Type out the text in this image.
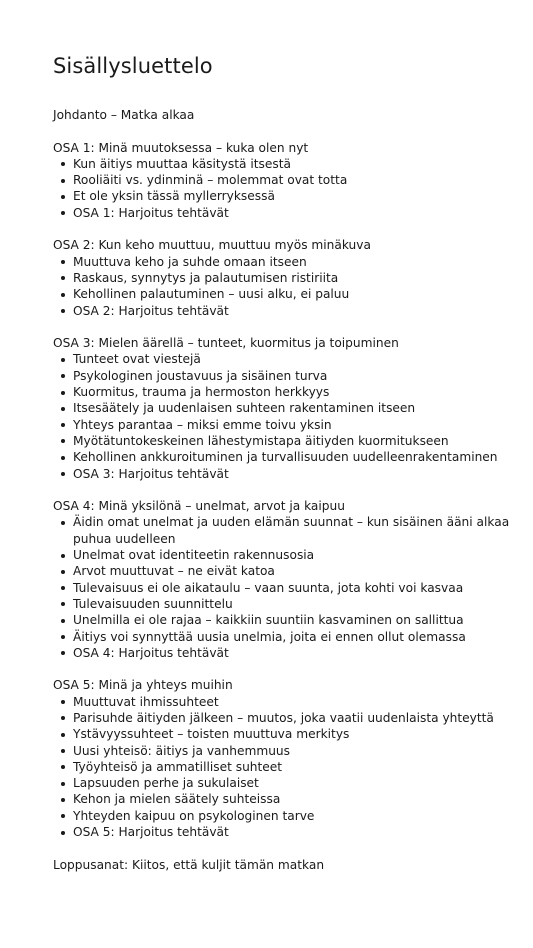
Sisällysluettelo
Johdanto – Matka alkaa
OSA 1: Minä muutoksessa – kuka olen nyt
Kun äitiys muuttaa käsitystä itsestä
Rooliäiti vs. ydinminä – molemmat ovat totta
Et ole yksin tässä myllerryksessä
OSA 1: Harjoitus tehtävät
OSA 2: Kun keho muuttuu, muuttuu myös minäkuva
Muuttuva keho ja suhde omaan itseen
Raskaus, synnytys ja palautumisen ristiriita
Kehollinen palautuminen – uusi alku, ei paluu
OSA 2: Harjoitus tehtävät
OSA 3: Mielen äärellä – tunteet, kuormitus ja toipuminen
Tunteet ovat viestejä
Psykologinen joustavuus ja sisäinen turva
Kuormitus, trauma ja hermoston herkkyys
Itsesäätely ja uudenlaisen suhteen rakentaminen itseen
Yhteys parantaa – miksi emme toivu yksin
Myötätuntokeskeinen lähestymistapa äitiyden kuormitukseen
Kehollinen ankkuroituminen ja turvallisuuden uudelleenrakentaminen
OSA 3: Harjoitus tehtävät
OSA 4: Minä yksilönä – unelmat, arvot ja kaipuu
Äidin omat unelmat ja uuden elämän suunnat – kun sisäinen ääni alkaa puhua uudelleen
Unelmat ovat identiteetin rakennusosia
Arvot muuttuvat – ne eivät katoa
Tulevaisuus ei ole aikataulu – vaan suunta, jota kohti voi kasvaa
Tulevaisuuden suunnittelu
Unelmilla ei ole rajaa – kaikkiin suuntiin kasvaminen on sallittua
Äitiys voi synnyttää uusia unelmia, joita ei ennen ollut olemassa
OSA 4: Harjoitus tehtävät
OSA 5: Minä ja yhteys muihin
Muuttuvat ihmissuhteet
Parisuhde äitiyden jälkeen – muutos, joka vaatii uudenlaista yhteyttä
Ystävyyssuhteet – toisten muuttuva merkitys
Uusi yhteisö: äitiys ja vanhemmuus
Työyhteisö ja ammatilliset suhteet
Lapsuuden perhe ja sukulaiset
Kehon ja mielen säätely suhteissa
Yhteyden kaipuu on psykologinen tarve
OSA 5: Harjoitus tehtävät
Loppusanat: Kiitos, että kuljit tämän matkan
